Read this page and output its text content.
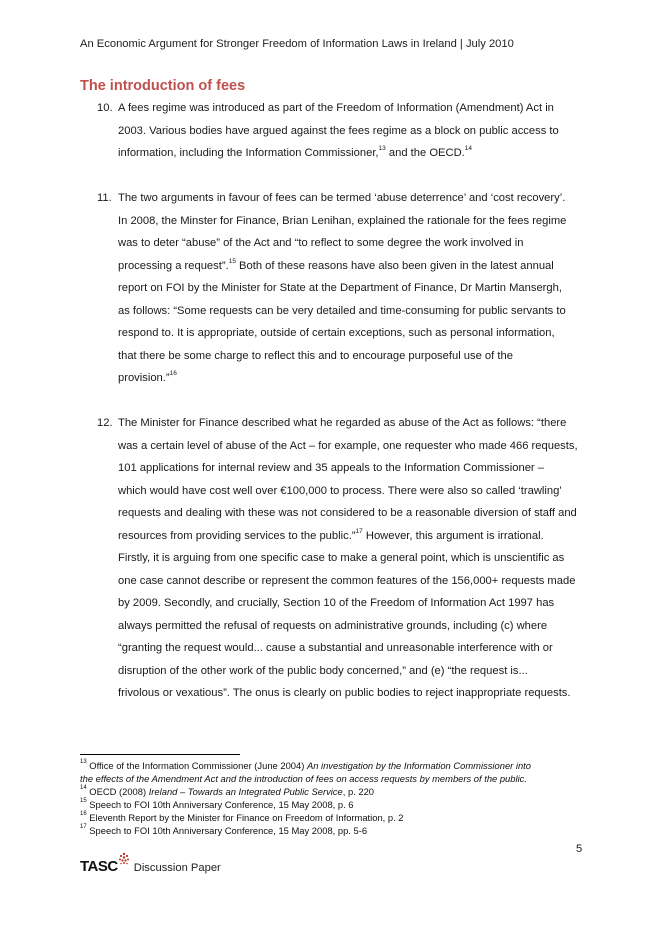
An Economic Argument for Stronger Freedom of Information Laws in Ireland | July 2010
The introduction of fees
10. A fees regime was introduced as part of the Freedom of Information (Amendment) Act in
2003. Various bodies have argued against the fees regime as a block on public access to
information, including the Information Commissioner,$^{13}$ and the OECD.$^{14}$
11. The two arguments in favour of fees can be termed ‘abuse deterrence’ and ‘cost recovery’.
In 2008, the Minster for Finance, Brian Lenihan, explained the rationale for the fees regime
was to deter “abuse” of the Act and “to reflect to some degree the work involved in
processing a request”.$^{15}$ Both of these reasons have also been given in the latest annual
report on FOI by the Minister for State at the Department of Finance, Dr Martin Mansergh,
as follows: “Some requests can be very detailed and time-consuming for public servants to
respond to. It is appropriate, outside of certain exceptions, such as personal information,
that there be some charge to reflect this and to encourage purposeful use of the
provision.”$^{16}$
12. The Minister for Finance described what he regarded as abuse of the Act as follows: “there
was a certain level of abuse of the Act – for example, one requester who made 466 requests,
101 applications for internal review and 35 appeals to the Information Commissioner –
which would have cost well over €100,000 to process. There were also so called ‘trawling’
requests and dealing with these was not considered to be a reasonable diversion of staff and
resources from providing services to the public.”$^{17}$ However, this argument is irrational.
Firstly, it is arguing from one specific case to make a general point, which is unscientific as
one case cannot describe or represent the common features of the 156,000+ requests made
by 2009. Secondly, and crucially, Section 10 of the Freedom of Information Act 1997 has
always permitted the refusal of requests on administrative grounds, including (c) where
“granting the request would... cause a substantial and unreasonable interference with or
disruption of the other work of the public body concerned,” and (e) “the request is...
frivolous or vexatious”. The onus is clearly on public bodies to reject inappropriate requests.
$^{13}$ Office of the Information Commissioner (June 2004) An investigation by the Information Commissioner into
the effects of the Amendment Act and the introduction of fees on access requests by members of the public.
$^{14}$ OECD (2008) Ireland – Towards an Integrated Public Service, p. 220
$^{15}$ Speech to FOI 10th Anniversary Conference, 15 May 2008, p. 6
$^{16}$ Eleventh Report by the Minister for Finance on Freedom of Information, p. 2
$^{17}$ Speech to FOI 10th Anniversary Conference, 15 May 2008, pp. 5-6
5
TASC Discussion Paper
